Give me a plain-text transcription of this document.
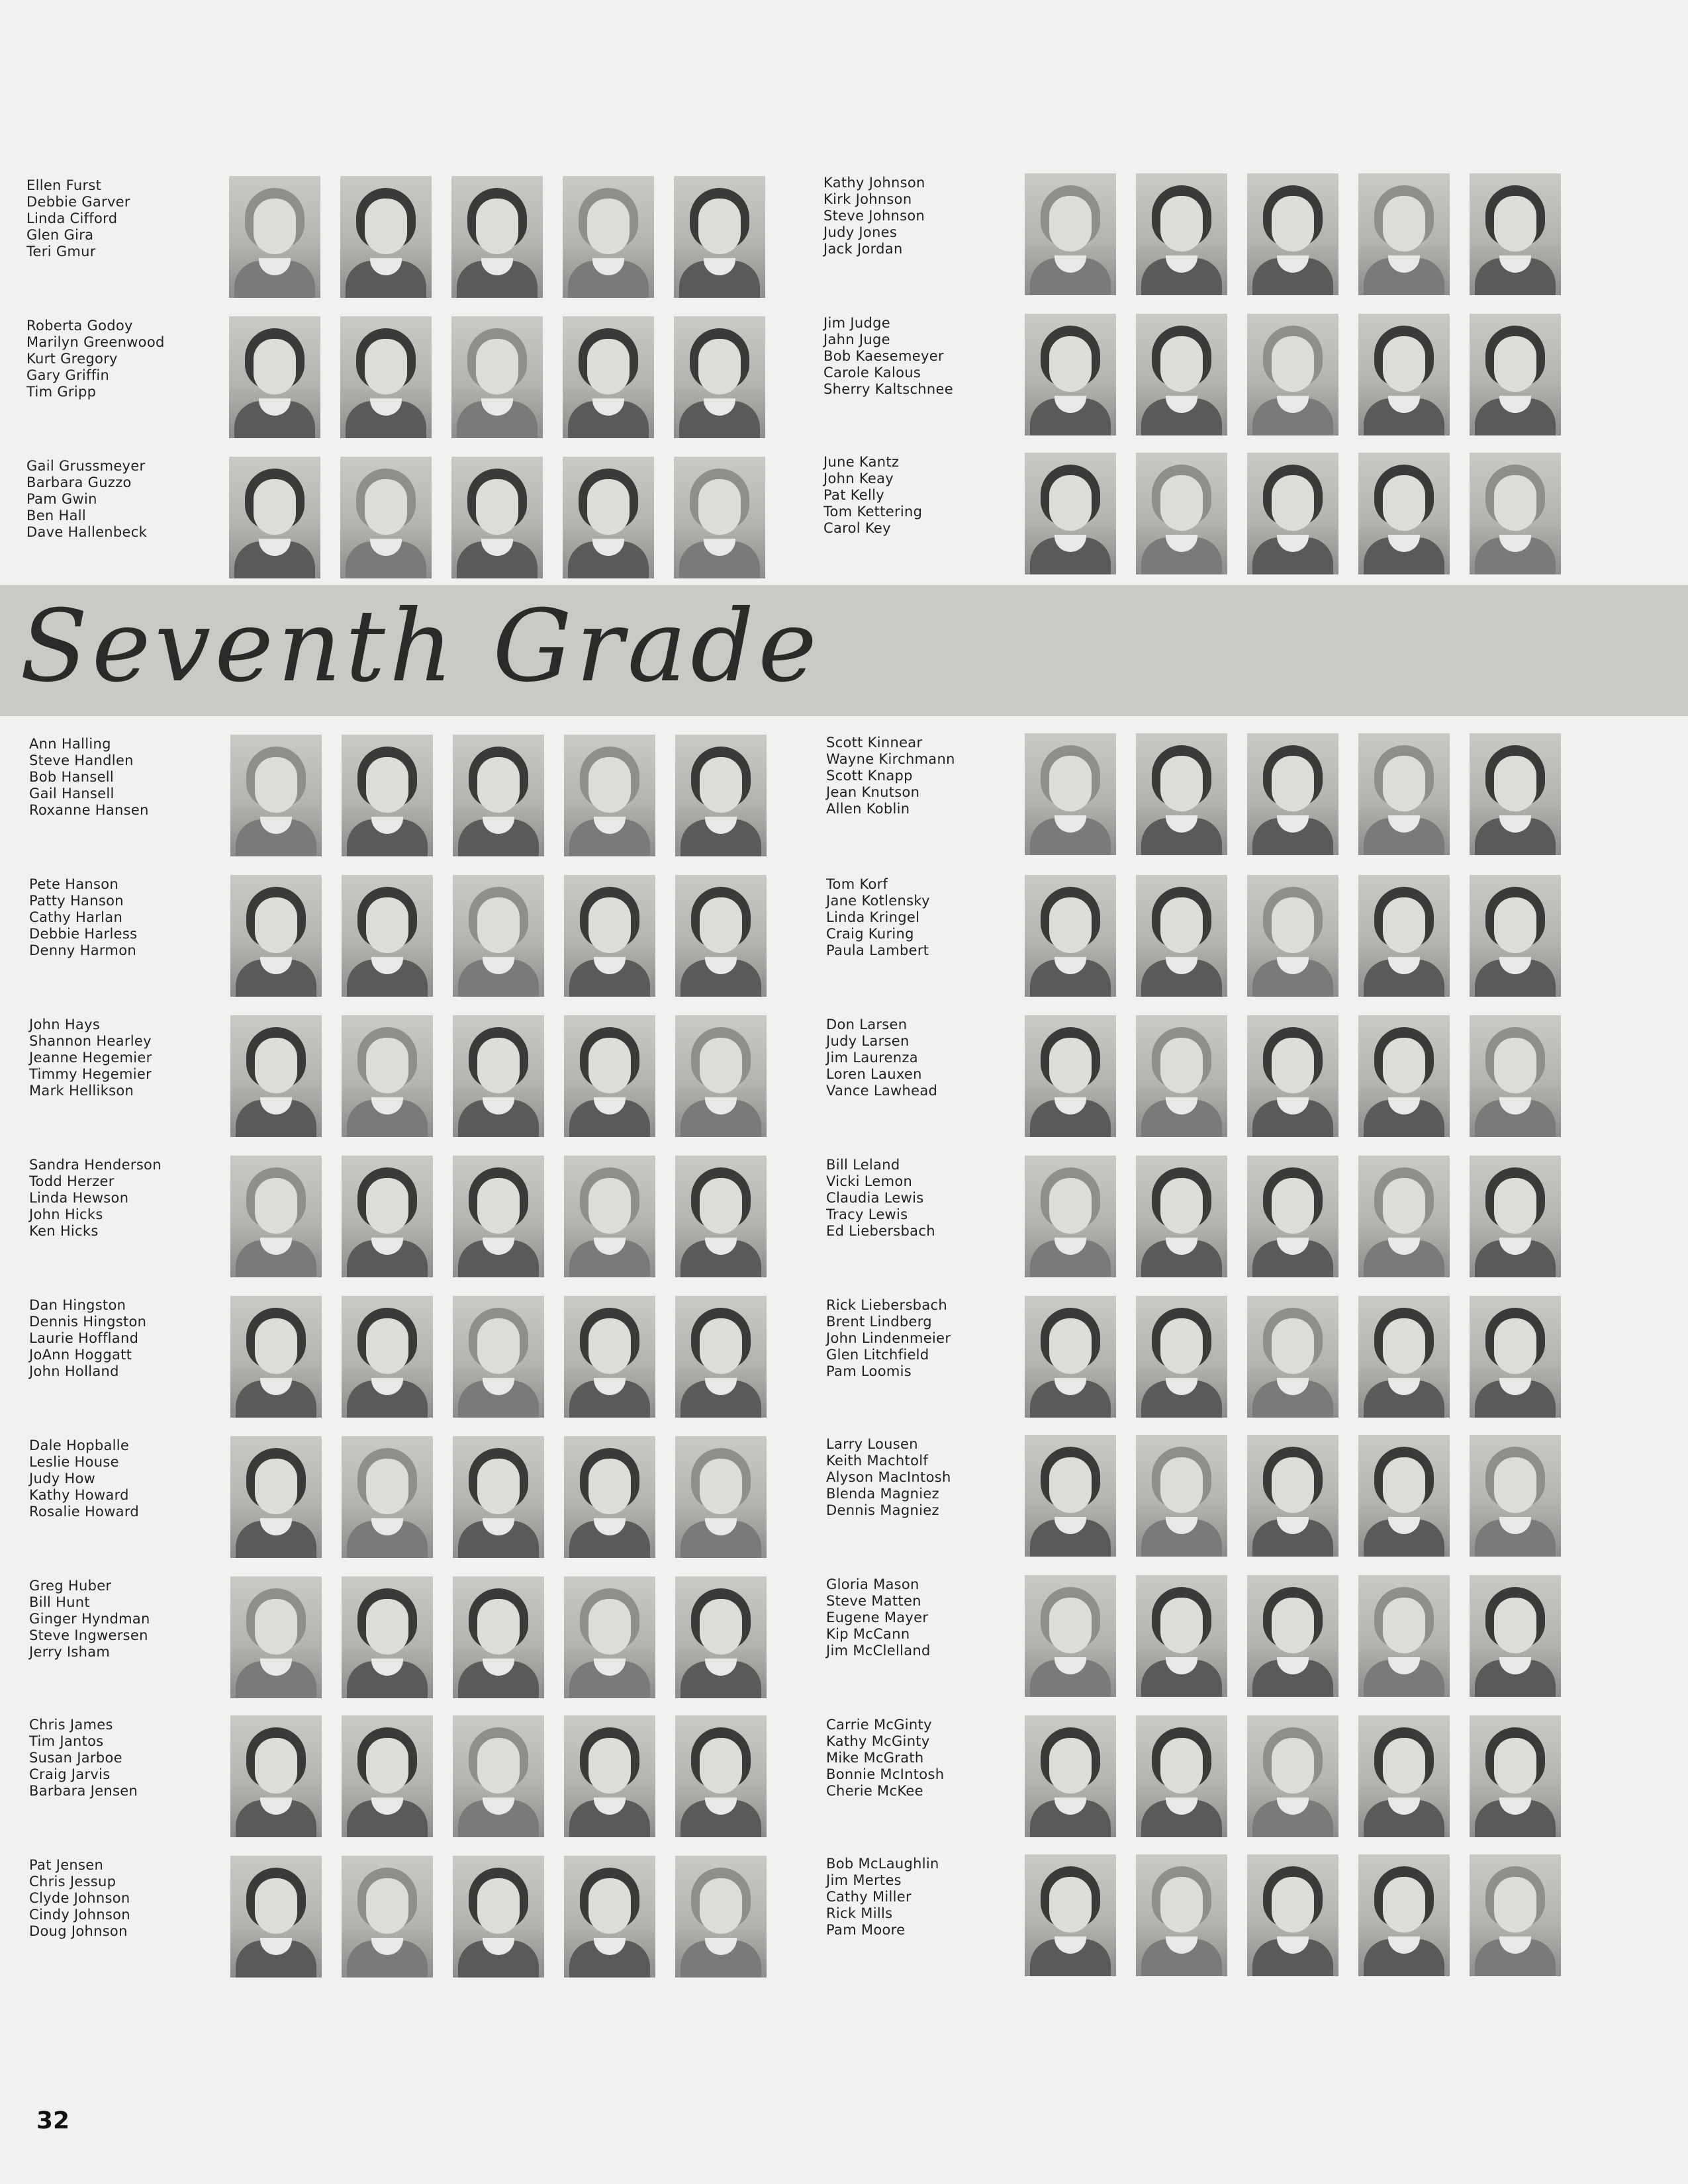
Ellen Furst
Debbie Garver
Linda Cifford
Glen Gira
Teri Gmur
Roberta Godoy
Marilyn Greenwood
Kurt Gregory
Gary Griffin
Tim Gripp
Gail Grussmeyer
Barbara Guzzo
Pam Gwin
Ben Hall
Dave Hallenbeck
Kathy Johnson
Kirk Johnson
Steve Johnson
Judy Jones
Jack Jordan
Jim Judge
Jahn Juge
Bob Kaesemeyer
Carole Kalous
Sherry Kaltschnee
June Kantz
John Keay
Pat Kelly
Tom Kettering
Carol Key
Seventh Grade
Ann Halling
Steve Handlen
Bob Hansell
Gail Hansell
Roxanne Hansen
Pete Hanson
Patty Hanson
Cathy Harlan
Debbie Harless
Denny Harmon
John Hays
Shannon Hearley
Jeanne Hegemier
Timmy Hegemier
Mark Hellikson
Sandra Henderson
Todd Herzer
Linda Hewson
John Hicks
Ken Hicks
Dan Hingston
Dennis Hingston
Laurie Hoffland
JoAnn Hoggatt
John Holland
Dale Hopballe
Leslie House
Judy How
Kathy Howard
Rosalie Howard
Greg Huber
Bill Hunt
Ginger Hyndman
Steve Ingwersen
Jerry Isham
Chris James
Tim Jantos
Susan Jarboe
Craig Jarvis
Barbara Jensen
Pat Jensen
Chris Jessup
Clyde Johnson
Cindy Johnson
Doug Johnson
Scott Kinnear
Wayne Kirchmann
Scott Knapp
Jean Knutson
Allen Koblin
Tom Korf
Jane Kotlensky
Linda Kringel
Craig Kuring
Paula Lambert
Don Larsen
Judy Larsen
Jim Laurenza
Loren Lauxen
Vance Lawhead
Bill Leland
Vicki Lemon
Claudia Lewis
Tracy Lewis
Ed Liebersbach
Rick Liebersbach
Brent Lindberg
John Lindenmeier
Glen Litchfield
Pam Loomis
Larry Lousen
Keith Machtolf
Alyson MacIntosh
Blenda Magniez
Dennis Magniez
Gloria Mason
Steve Matten
Eugene Mayer
Kip McCann
Jim McClelland
Carrie McGinty
Kathy McGinty
Mike McGrath
Bonnie McIntosh
Cherie McKee
Bob McLaughlin
Jim Mertes
Cathy Miller
Rick Mills
Pam Moore
32
